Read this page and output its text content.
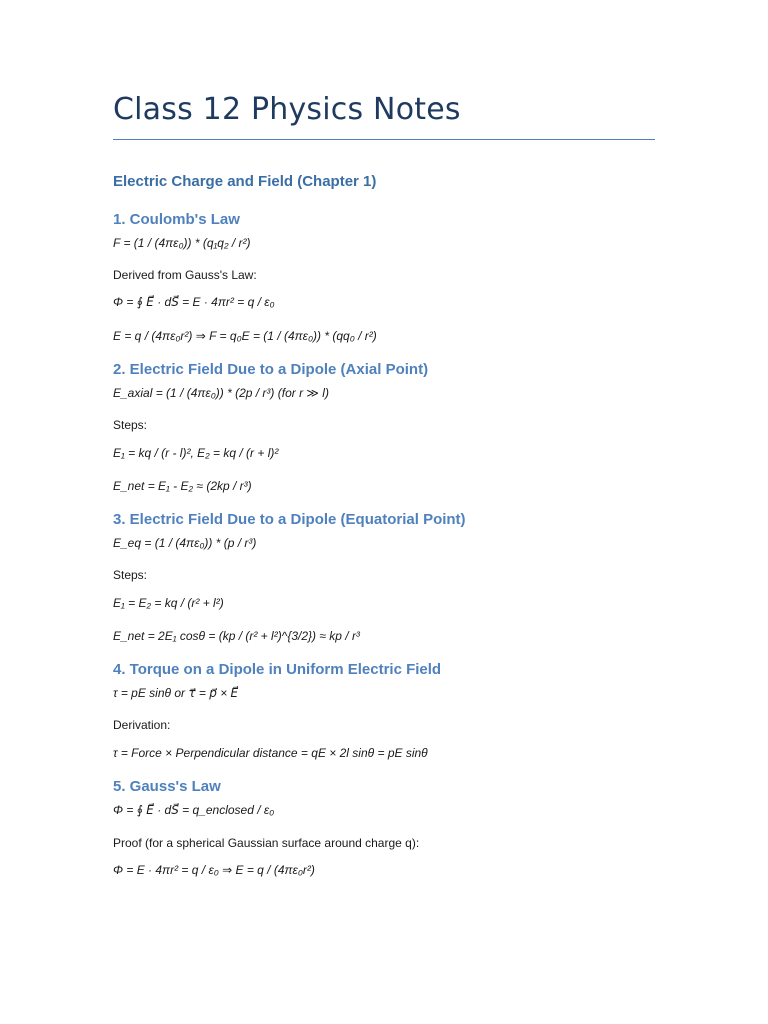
Class 12 Physics Notes
Electric Charge and Field (Chapter 1)
1. Coulomb's Law
F = (1 / (4πε₀)) * (q₁q₂ / r²)
Derived from Gauss's Law:
Φ = ∮ E⃗ · dS⃗ = E · 4πr² = q / ε₀
E = q / (4πε₀r²) ⇒ F = q₀E = (1 / (4πε₀)) * (qq₀ / r²)
2. Electric Field Due to a Dipole (Axial Point)
E_axial = (1 / (4πε₀)) * (2p / r³) (for r ≫ l)
Steps:
E₁ = kq / (r - l)², E₂ = kq / (r + l)²
E_net = E₁ - E₂ ≈ (2kp / r³)
3. Electric Field Due to a Dipole (Equatorial Point)
E_eq = (1 / (4πε₀)) * (p / r³)
Steps:
E₁ = E₂ = kq / (r² + l²)
E_net = 2E₁ cosθ = (kp / (r² + l²)^{3/2}) ≈ kp / r³
4. Torque on a Dipole in Uniform Electric Field
τ = pE sinθ or τ⃗ = p⃗ × E⃗
Derivation:
τ = Force × Perpendicular distance = qE × 2l sinθ = pE sinθ
5. Gauss's Law
Φ = ∮ E⃗ · dS⃗ = q_enclosed / ε₀
Proof (for a spherical Gaussian surface around charge q):
Φ = E · 4πr² = q / ε₀ ⇒ E = q / (4πε₀r²)
